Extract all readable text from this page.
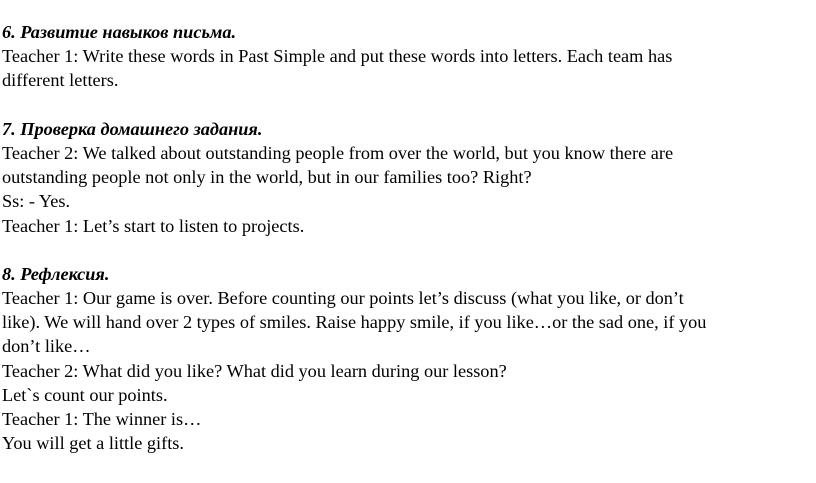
6. Развитие навыков письма.
Teacher 1: Write these words in Past Simple and put these words into letters. Each team has
different letters.
7. Проверка домашнего задания.
Teacher 2: We talked about outstanding people from over the world, but you know there are
outstanding people not only in the world, but in our families too? Right?
Ss: - Yes.
Teacher 1: Let’s start to listen to projects.
8. Рефлексия.
Teacher 1: Our game is over. Before counting our points let’s discuss (what you like, or don’t
like). We will hand over 2 types of smiles. Raise happy smile, if you like…or the sad one, if you
don’t like…
Teacher 2: What did you like? What did you learn during our lesson?
Let`s count our points.
Teacher 1: The winner is…
You will get a little gifts.
